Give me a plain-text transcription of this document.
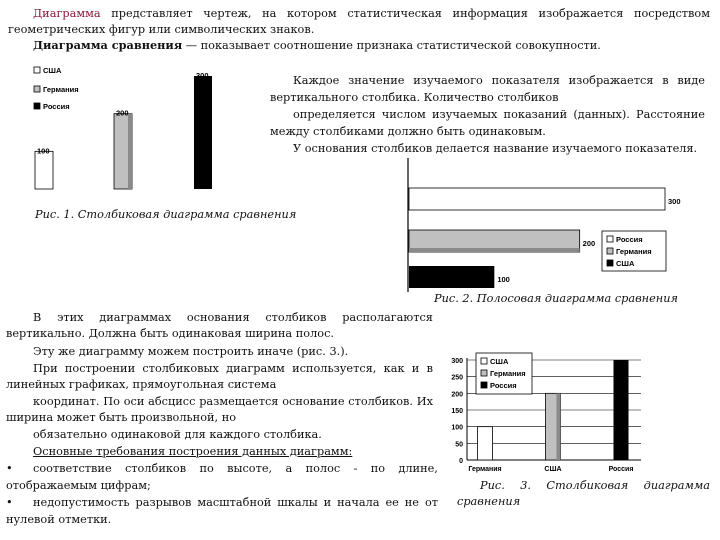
Диаграмма представляет чертеж, на котором статистическая информация изображается посредством
геометрических фигур или символических знаков.
Диаграмма сравнения — показывает соотношение признака статистической совокупности.
США
Германия
Россия
100
200
300	Каждое значение изучаемого показателя изображается в виде
вертикального столбика. Количество столбиков
определяется числом изучаемых показаний (данных). Расстояние
между столбиками должно быть одинаковым.
У основания столбиков делается название изучаемого показателя.
300
200
100
Россия
Германия
США
Рис. 1. Столбиковая диаграмма сравнения
Рис. 2. Полосовая диаграмма сравнения
В этих диаграммах основания столбиков располагаются
вертикально. Должна быть одинаковая ширина полос.
Эту же диаграмму можем построить иначе (рис. 3.).
При построении столбиковых диаграмм используется, как и в
линейных графиках, прямоугольная система
координат. По оси абсцисс размещается основание столбиков. Их
ширина может быть произвольной, но
обязательно одинаковой для каждого столбика.
Основные требования построения данных диаграмм:
• соответствие столбиков по высоте, а полос - по длине,
отображаемым цифрам;
• недопустимость разрывов масштабной шкалы и начала ее не от
нулевой отметки.
0
50
100
150
200
250
300
Германия	США	Россия
США
Германия
Россия
Рис. 3. Столбиковая диаграмма
сравнения
